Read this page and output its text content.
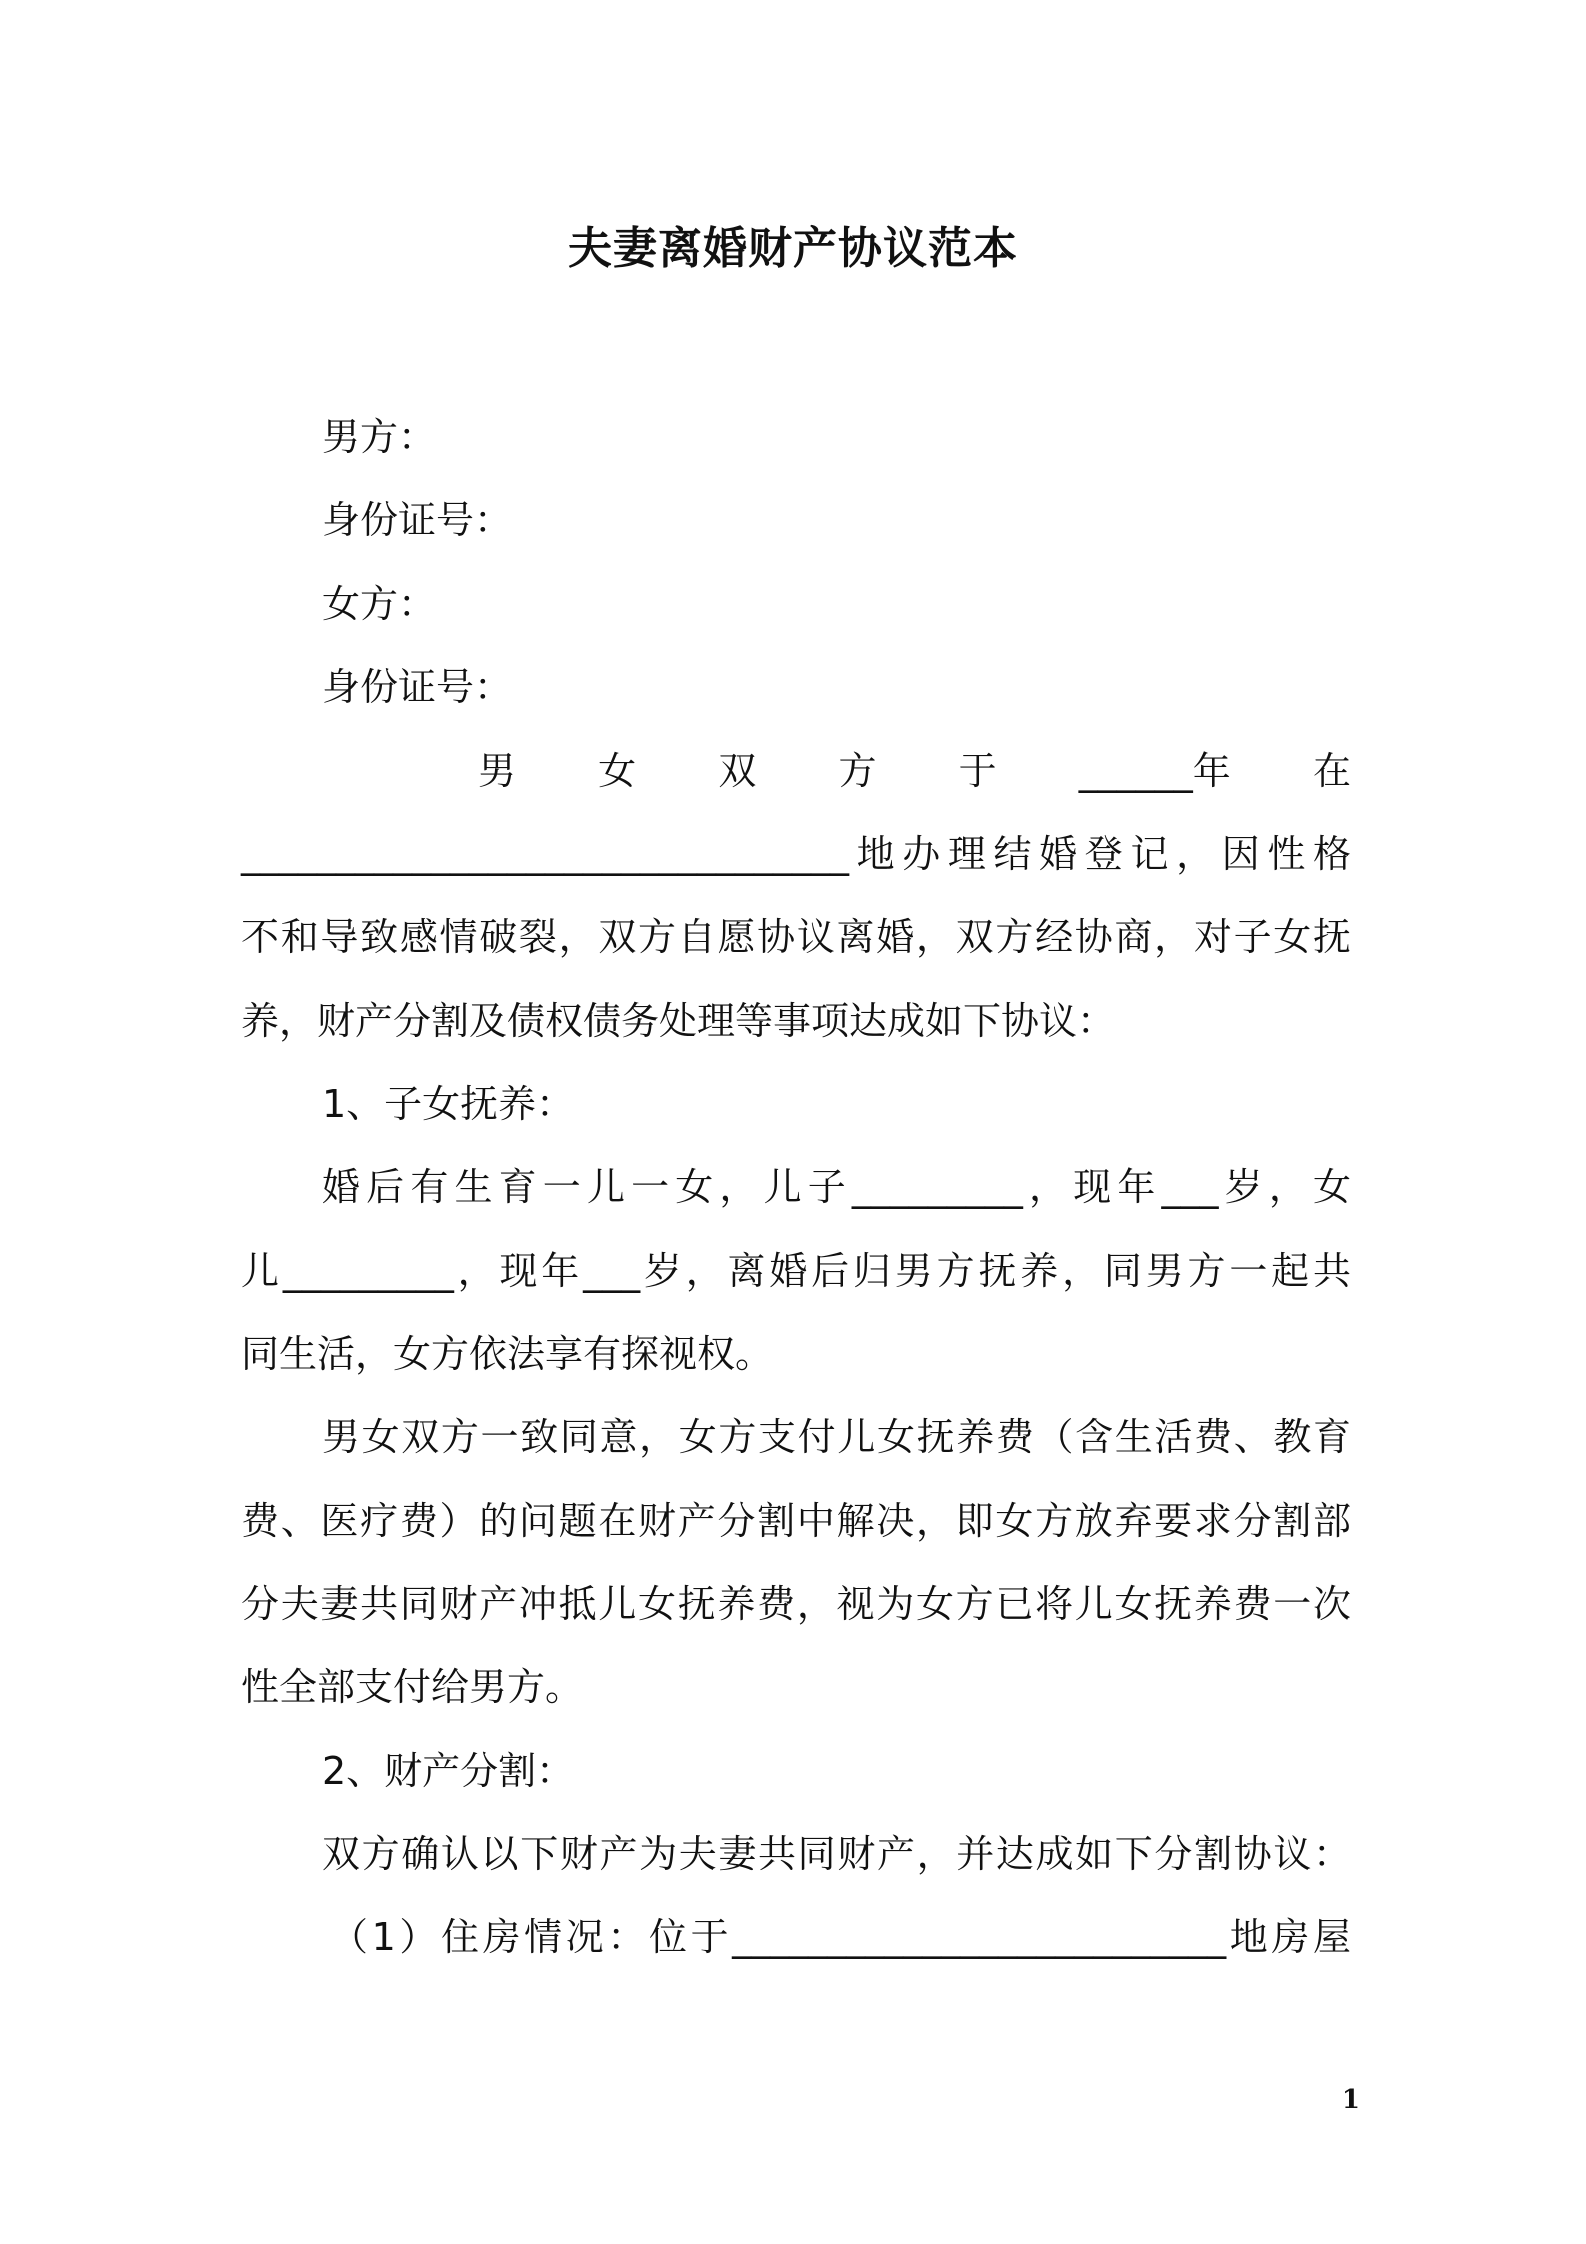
夫妻离婚财产协议范本
男方：
身份证号：
女方：
身份证号：
男 女 双 方 于 ______年 在
________________________________地办理结婚登记，因性格
不和导致感情破裂，双方自愿协议离婚，双方经协商，对子女抚
养，财产分割及债权债务处理等事项达成如下协议：
1、子女抚养：
婚后有生育一儿一女，儿子_________，现年___岁，女
儿_________，现年___岁，离婚后归男方抚养，同男方一起共
同生活，女方依法享有探视权。
男女双方一致同意，女方支付儿女抚养费（含生活费、教育
费、医疗费）的问题在财产分割中解决，即女方放弃要求分割部
分夫妻共同财产冲抵儿女抚养费，视为女方已将儿女抚养费一次
性全部支付给男方。
2、财产分割：
双方确认以下财产为夫妻共同财产，并达成如下分割协议：
（1）住房情况：位于__________________________地房屋
1
